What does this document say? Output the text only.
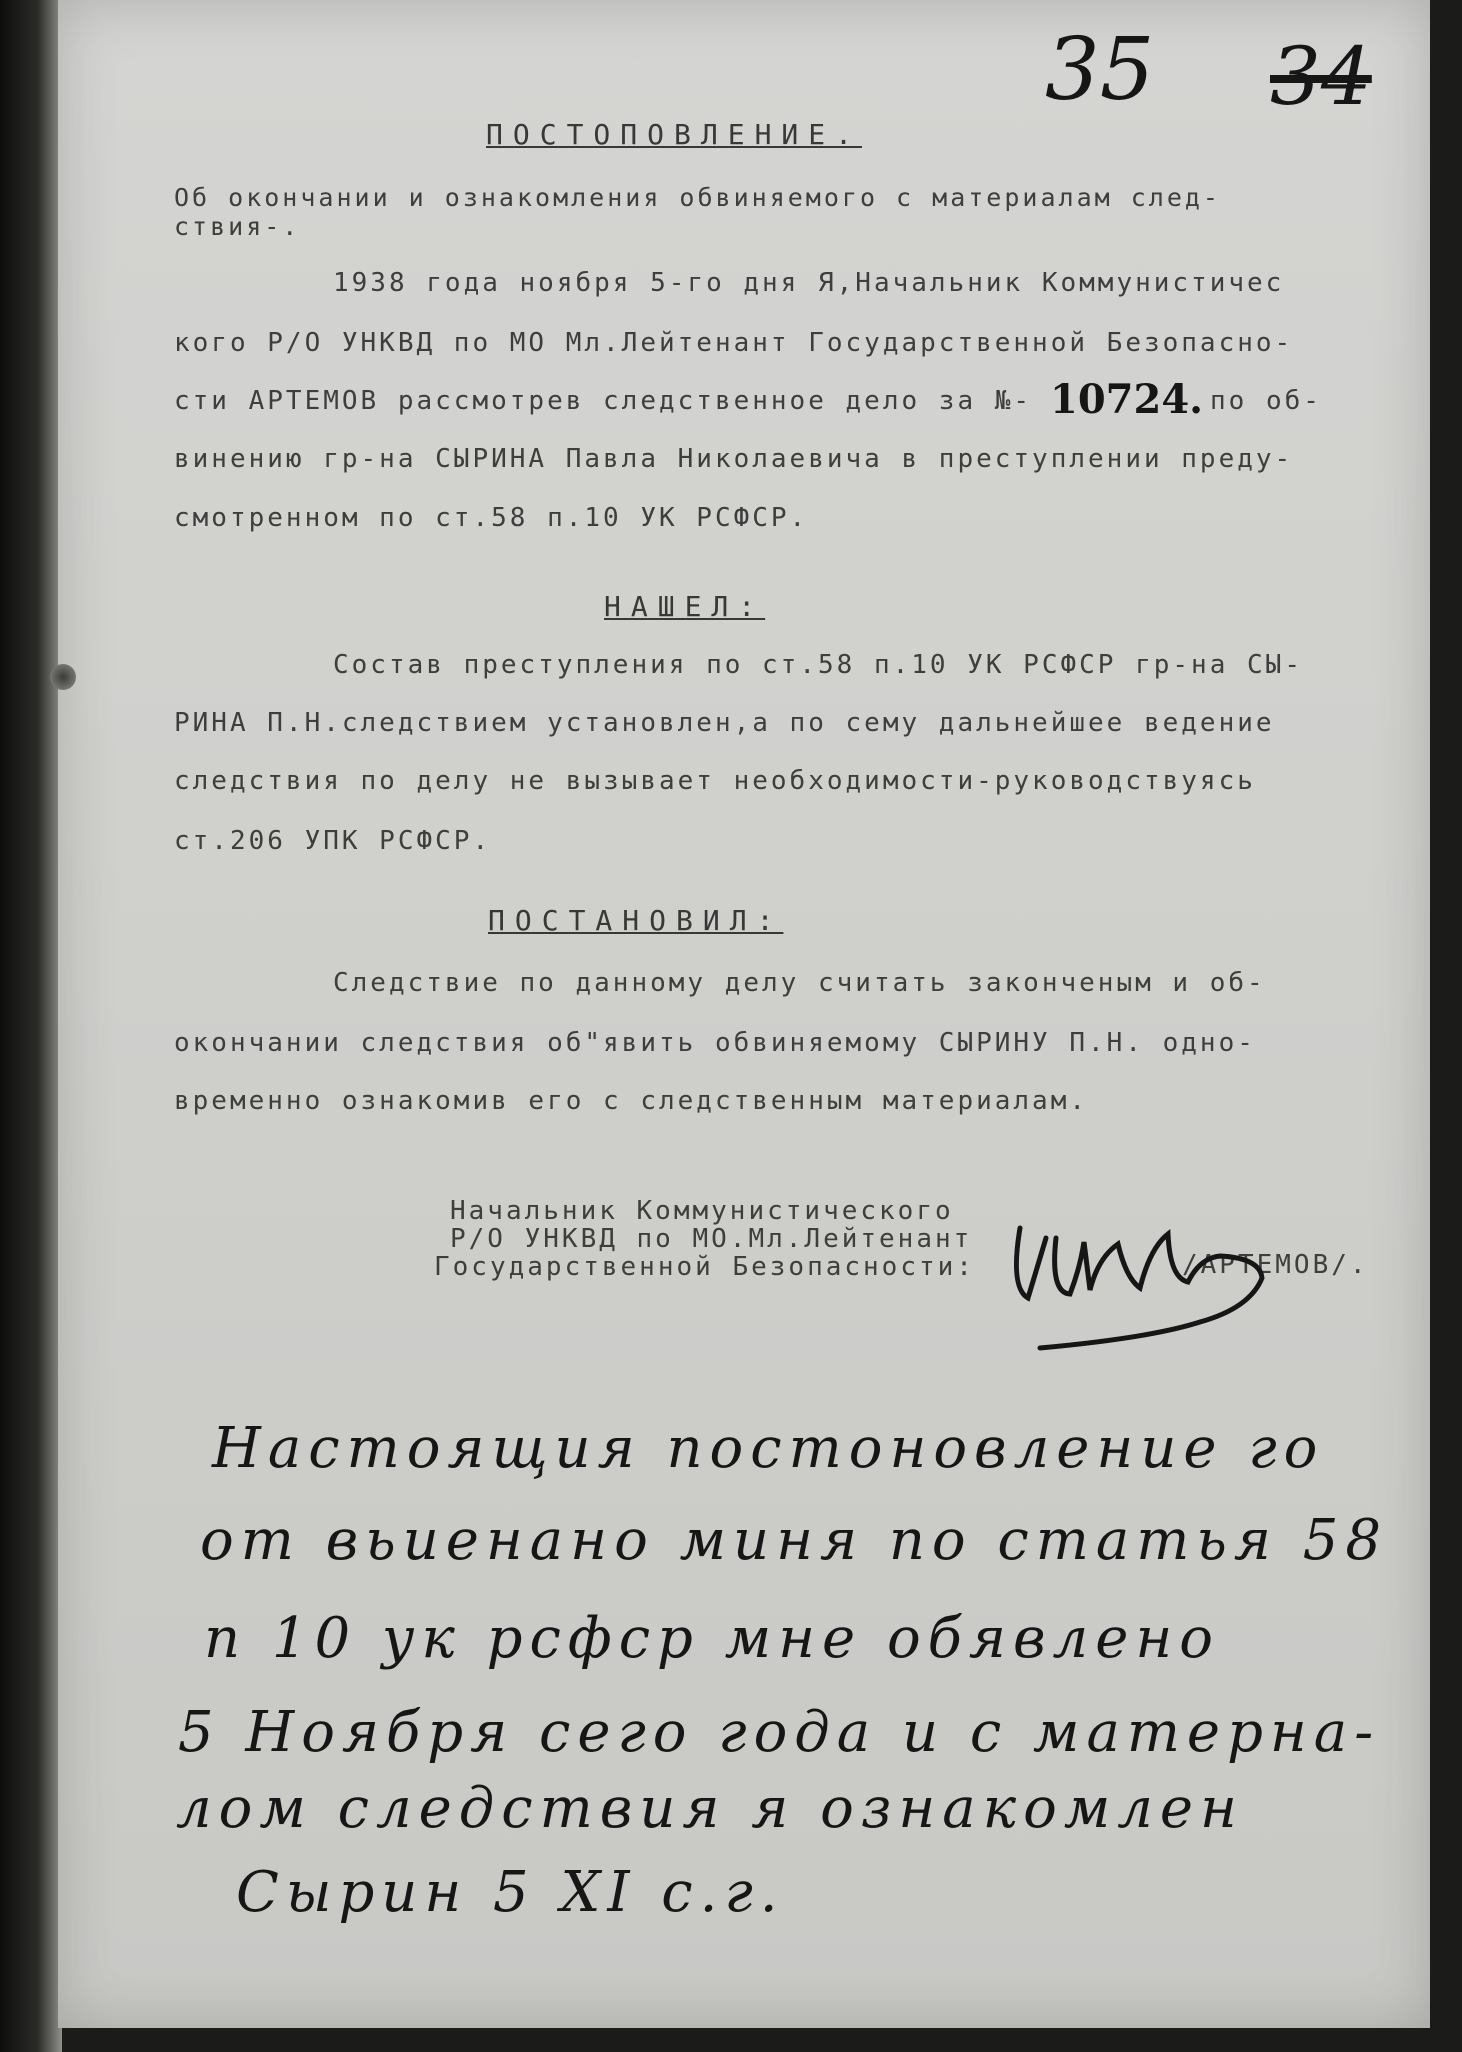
35 34
ПОСТОПОВЛЕНИЕ.
Об окончании и ознакомления обвиняемого с материалам след-
ствия-.
1938 года ноября 5-го дня Я,Начальник Коммунистичес
кого Р/О УНКВД по МО Мл.Лейтенант Государственной Безопасно-
сти АРТЕМОВ рассмотрев следственное дело за №- 10724. по об-
винению гр-на СЫРИНА Павла Николаевича в преступлении преду-
смотренном по ст.58 п.10 УК РСФСР.
НАШЕЛ:
Состав преступления по ст.58 п.10 УК РСФСР гр-на СЫ-
РИНА П.Н.следствием установлен,а по сему дальнейшее ведение
следствия по делу не вызывает необходимости-руководствуясь
ст.206 УПК РСФСР.
ПОСТАНОВИЛ:
Следствие по данному делу считать законченым и об-
окончании следствия об"явить обвиняемому СЫРИНУ П.Н. одно-
временно ознакомив его с следственным материалам.
Начальник Коммунистического
Р/О УНКВД по МО.Мл.Лейтенант
Государственной Безопасности:	/АРТЕМОВ/.
Настоящия постоновление го
от вьиенано миня по статья 58
п 10 ук рсфср мне обявлено
5 Ноября сего года и с матерна-
лом следствия я ознакомлен
Сырин 5 XI с.г.
